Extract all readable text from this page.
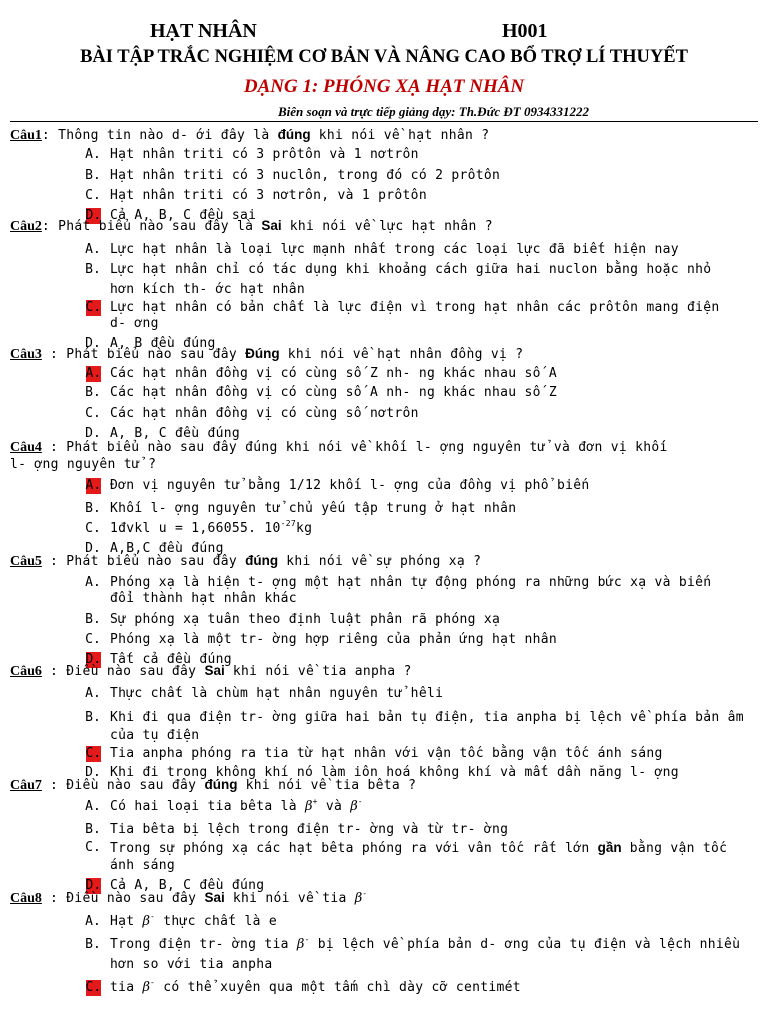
HẠT NHÂN	H001
BÀI TẬP TRẮC NGHIỆM CƠ BẢN VÀ NÂNG CAO BỔ TRỢ LÍ THUYẾT
DẠNG 1: PHÓNG XẠ HẠT NHÂN
Biên soạn và trực tiếp giảng dạy: Th.Đức ĐT 0934331222
Câu1: Thông tin nào d- ới đây là đúng khi nói về hạt nhân ?
A. Hạt nhân triti có 3 prôtôn và 1 nơtrôn
B. Hạt nhân triti có 3 nuclôn, trong đó có 2 prôtôn
C. Hạt nhân triti có 3 nơtrôn, và 1 prôtôn
D. Cả A, B, C đều sai
Câu2: Phát biểu nào sau đây là Sai khi nói về lực hạt nhân ?
A. Lực hạt nhân là loại lực mạnh nhất trong các loại lực đã biết hiện nay
B. Lực hạt nhân chỉ có tác dụng khi khoảng cách giữa hai nuclon bằng hoặc nhỏ
hơn kích th- ớc hạt nhân
C. Lực hạt nhân có bản chất là lực điện vì trong hạt nhân các prôtôn mang điện
d- ơng
D. A, B đều đúng
Câu3 : Phát biểu nào sau đây Đúng khi nói về hạt nhân đồng vị ?
A. Các hạt nhân đồng vị có cùng số Z nh- ng khác nhau số A
B. Các hạt nhân đồng vị có cùng số A nh- ng khác nhau số Z
C. Các hạt nhân đồng vị có cùng số nơtrôn
D. A, B, C đều đúng
Câu4 : Phát biểu nào sau đây đúng khi nói về khối l- ợng nguyên tử và đơn vị khối
l- ợng nguyên tử ?
A. Đơn vị nguyên tử bằng 1/12 khối l- ợng của đồng vị phổ biến
B. Khối l- ợng nguyên tử chủ yếu tập trung ở hạt nhân
C. 1đvkl u = 1,66055. $10^{-27}kg$
D. A,B,C đều đúng
Câu5 : Phát biểu nào sau đây đúng khi nói về sự phóng xạ ?
A. Phóng xạ là hiện t- ợng một hạt nhân tự động phóng ra những bức xạ và biến
đổi thành hạt nhân khác
B. Sự phóng xạ tuân theo định luật phân rã phóng xạ
C. Phóng xạ là một tr- ờng hợp riêng của phản ứng hạt nhân
D. Tất cả đều đúng
Câu6 : Điều nào sau đây Sai khi nói về tia anpha ?
A. Thực chất là chùm hạt nhân nguyên tử hêli
B. Khi đi qua điện tr- ờng giữa hai bản tụ điện, tia anpha bị lệch về phía bản âm
của tụ điện
C. Tia anpha phóng ra tia từ hạt nhân với vận tốc bằng vận tốc ánh sáng
D. Khi đi trong không khí nó làm iôn hoá không khí và mất dần năng l- ợng
Câu7 : Điều nào sau đây đúng khi nói về tia bêta ?
A. Có hai loại tia bêta là β+ và β-
B. Tia bêta bị lệch trong điện tr- ờng và từ tr- ờng
C. Trong sự phóng xạ các hạt bêta phóng ra với vân tốc rất lớn gần bằng vận tốc
ánh sáng
D. Cả A, B, C đều đúng
Câu8 : Điều nào sau đây Sai khi nói về tia β-
A. Hạt β- thực chất là e
B. Trong điện tr- ờng tia β- bị lệch về phía bản d- ơng của tụ điện và lệch nhiều
hơn so với tia anpha
C. tia β- có thể xuyên qua một tấm chì dày cỡ centimét
